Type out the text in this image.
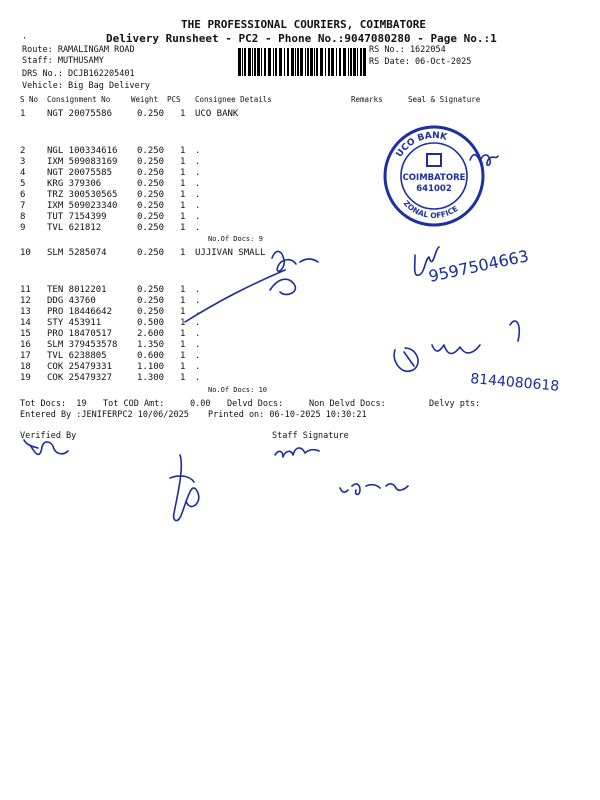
THE PROFESSIONAL COURIERS, COIMBATORE
Delivery Runsheet - PC2 - Phone No.:9047080280 - Page No.:1
·
Route: RAMALINGAM ROAD
Staff: MUTHUSAMY
DRS No.: DCJB162205401
Vehicle: Big Bag Delivery
RS No.: 1622054
RS Date: 06-Oct-2025
S No Consignment No	Weight PCS Consignee Details	Remarks	Seal & Signature
1 NGT 20075586	0.250 1 UCO BANK
2 NGL 100334616 0.250 1 .
3 IXM 509083169 0.250 1 .
4 NGT 20075585	0.250 1 .
5 KRG 379306	0.250 1 .
6 TRZ 300530565 0.250 1 .
7 IXM 509023340 0.250 1 .
8 TUT 7154399	0.250 1 .
9 TVL 621812	0.250 1 .
10 SLM 5285074	0.250 1 UJJIVAN SMALL
11 TEN 8012201	0.250 1 .
12 DDG 43760	0.250 1 .
13 PRO 18446642	0.250 1 .
14 STY 453911	0.500 1 .
15 PRO 18470517	2.600 1 .
16 SLM 379453578 1.350 1 .
17 TVL 6238805	0.600 1 .
18 COK 25479331	1.100 1 .
19 COK 25479327	1.300 1 .
No.Of Docs: 9
No.Of Docs: 10
Tot Docs:  19 Tot COD Amt:     0.00 Delvd Docs:	Non Delvd Docs:	Delvy pts:
Entered By :JENIFERPC2 10/06/2025 Printed on: 06-10-2025 10:30:21
Verified By	Staff Signature
UCO BANK
ZONAL OFFICE
COIMBATORE
641002
9597504663
8144080618
